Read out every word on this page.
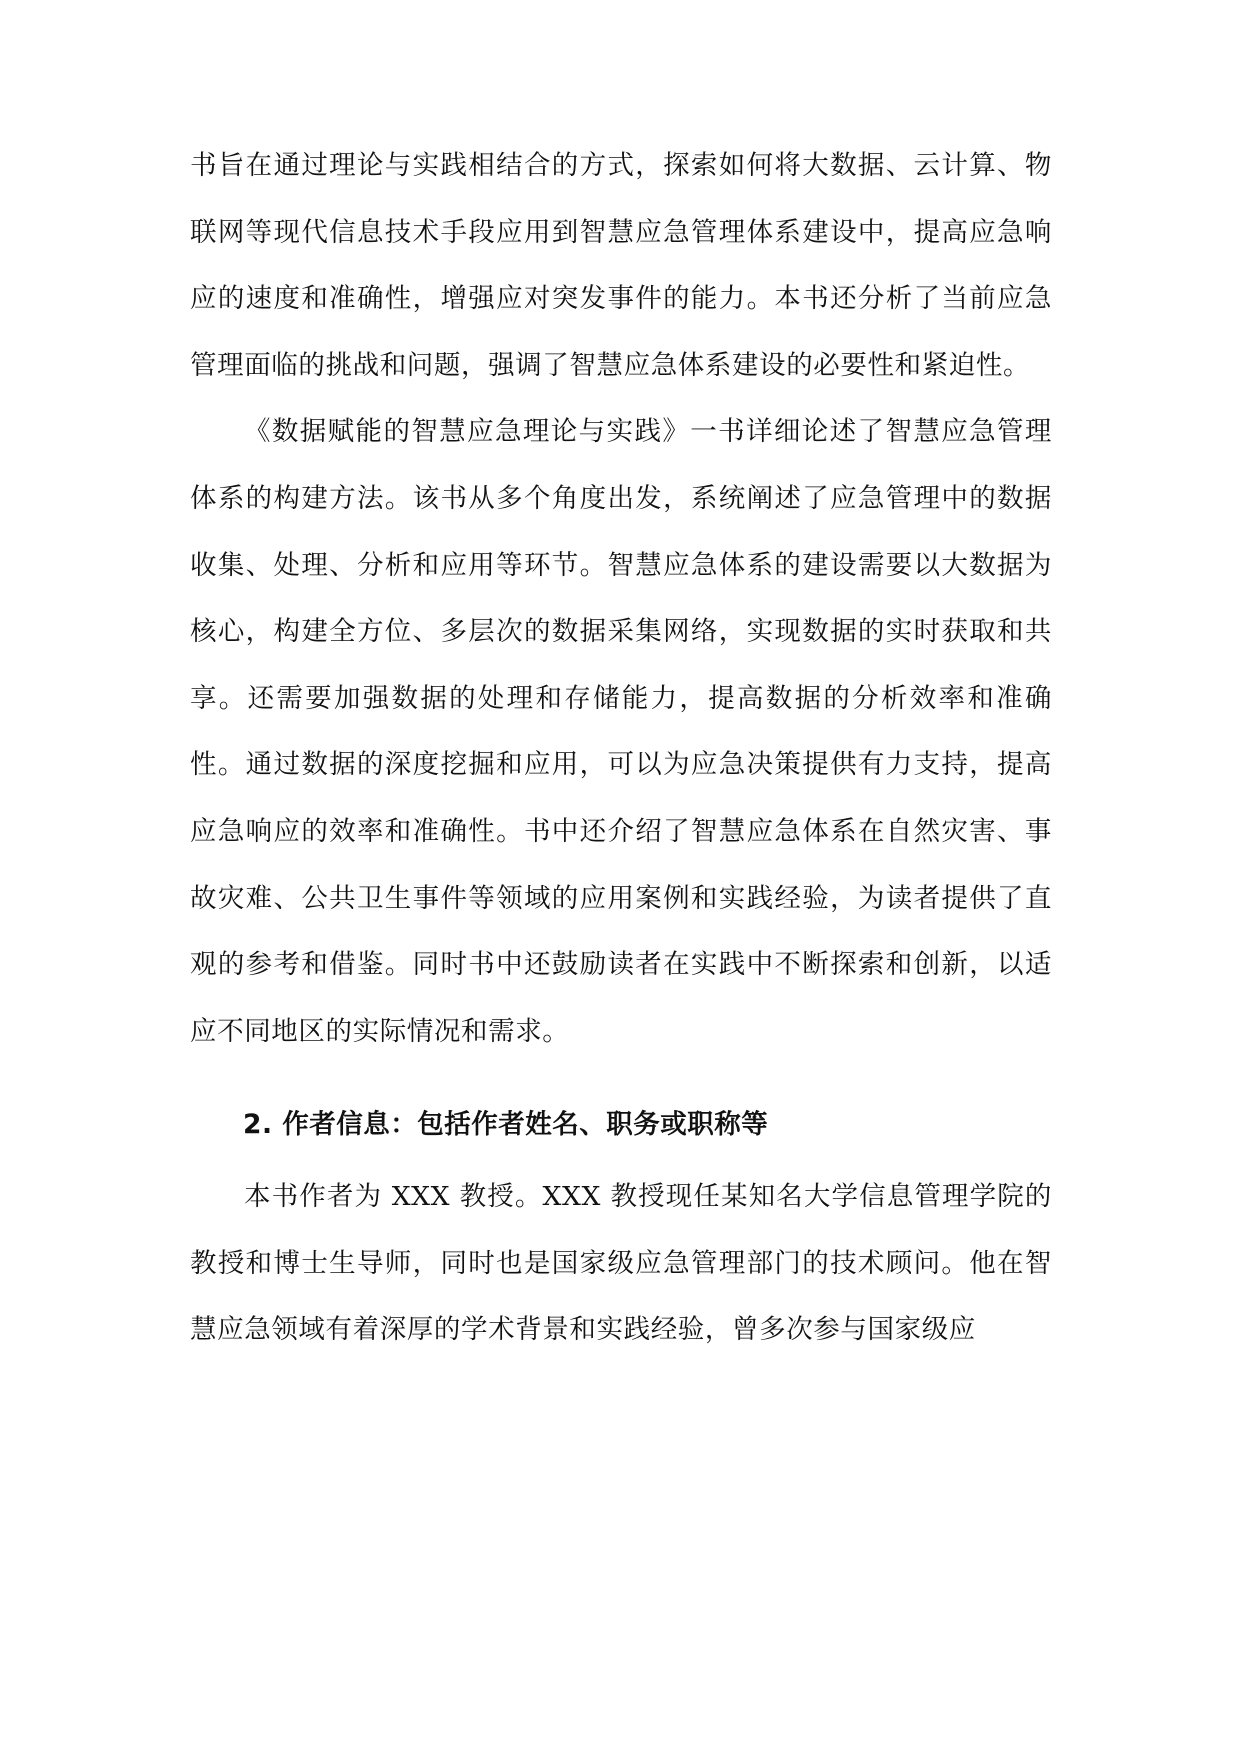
书旨在通过理论与实践相结合的方式，探索如何将大数据、云计算、物联网等现代信息技术手段应用到智慧应急管理体系建设中，提高应急响应的速度和准确性，增强应对突发事件的能力。本书还分析了当前应急管理面临的挑战和问题，强调了智慧应急体系建设的必要性和紧迫性。

《数据赋能的智慧应急理论与实践》一书详细论述了智慧应急管理体系的构建方法。该书从多个角度出发，系统阐述了应急管理中的数据收集、处理、分析和应用等环节。智慧应急体系的建设需要以大数据为核心，构建全方位、多层次的数据采集网络，实现数据的实时获取和共享。还需要加强数据的处理和存储能力，提高数据的分析效率和准确性。通过数据的深度挖掘和应用，可以为应急决策提供有力支持，提高应急响应的效率和准确性。书中还介绍了智慧应急体系在自然灾害、事故灾难、公共卫生事件等领域的应用案例和实践经验，为读者提供了直观的参考和借鉴。同时书中还鼓励读者在实践中不断探索和创新，以适应不同地区的实际情况和需求。

2. 作者信息：包括作者姓名、职务或职称等

本书作者为 XXX 教授。XXX 教授现任某知名大学信息管理学院的教授和博士生导师，同时也是国家级应急管理部门的技术顾问。他在智慧应急领域有着深厚的学术背景和实践经验，曾多次参与国家级应
